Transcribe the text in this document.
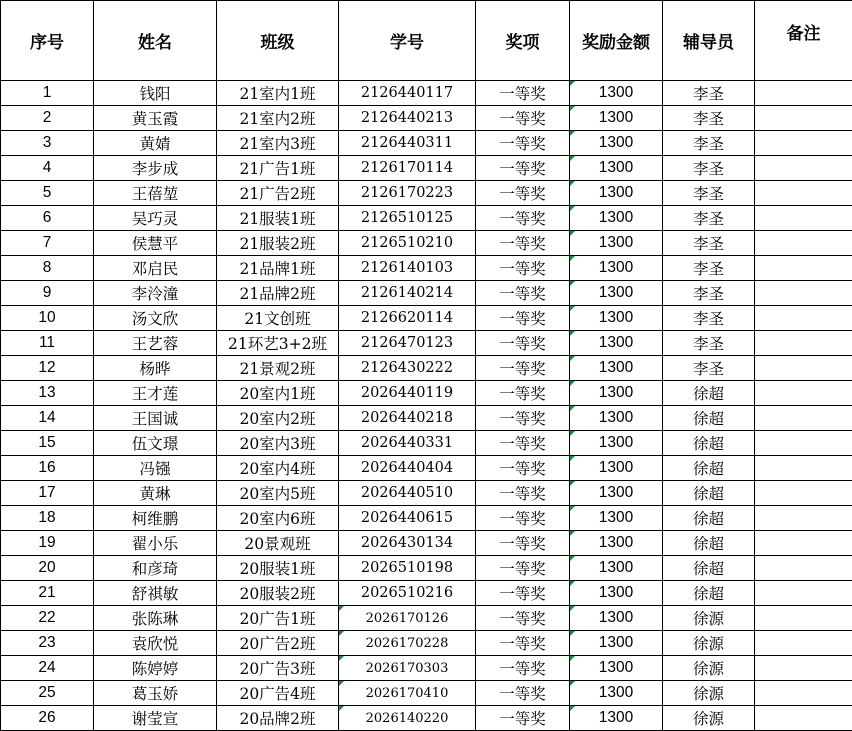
序号	姓名	班级	学号	奖项	奖励金额	辅导员	备注
1	钱阳	21室内1班	2126440117	一等奖	1300	李圣	
2	黄玉霞	21室内2班	2126440213	一等奖	1300	李圣	
3	黄婧	21室内3班	2126440311	一等奖	1300	李圣	
4	李步成	21广告1班	2126170114	一等奖	1300	李圣	
5	王蓓堃	21广告2班	2126170223	一等奖	1300	李圣	
6	吴巧灵	21服装1班	2126510125	一等奖	1300	李圣	
7	侯慧平	21服装2班	2126510210	一等奖	1300	李圣	
8	邓启民	21品牌1班	2126140103	一等奖	1300	李圣	
9	李泠潼	21品牌2班	2126140214	一等奖	1300	李圣	
10	汤文欣	21文创班	2126620114	一等奖	1300	李圣	
11	王艺蓉	21环艺3+2班	2126470123	一等奖	1300	李圣	
12	杨晔	21景观2班	2126430222	一等奖	1300	李圣	
13	王才莲	20室内1班	2026440119	一等奖	1300	徐超	
14	王国诚	20室内2班	2026440218	一等奖	1300	徐超	
15	伍文璟	20室内3班	2026440331	一等奖	1300	徐超	
16	冯镪	20室内4班	2026440404	一等奖	1300	徐超	
17	黄琳	20室内5班	2026440510	一等奖	1300	徐超	
18	柯维鹏	20室内6班	2026440615	一等奖	1300	徐超	
19	翟小乐	20景观班	2026430134	一等奖	1300	徐超	
20	和彦琦	20服装1班	2026510198	一等奖	1300	徐超	
21	舒祺敏	20服装2班	2026510216	一等奖	1300	徐超	
22	张陈琳	20广告1班	2026170126	一等奖	1300	徐源	
23	袁欣悦	20广告2班	2026170228	一等奖	1300	徐源	
24	陈婷婷	20广告3班	2026170303	一等奖	1300	徐源	
25	葛玉娇	20广告4班	2026170410	一等奖	1300	徐源	
26	谢莹宣	20品牌2班	2026140220	一等奖	1300	徐源	
